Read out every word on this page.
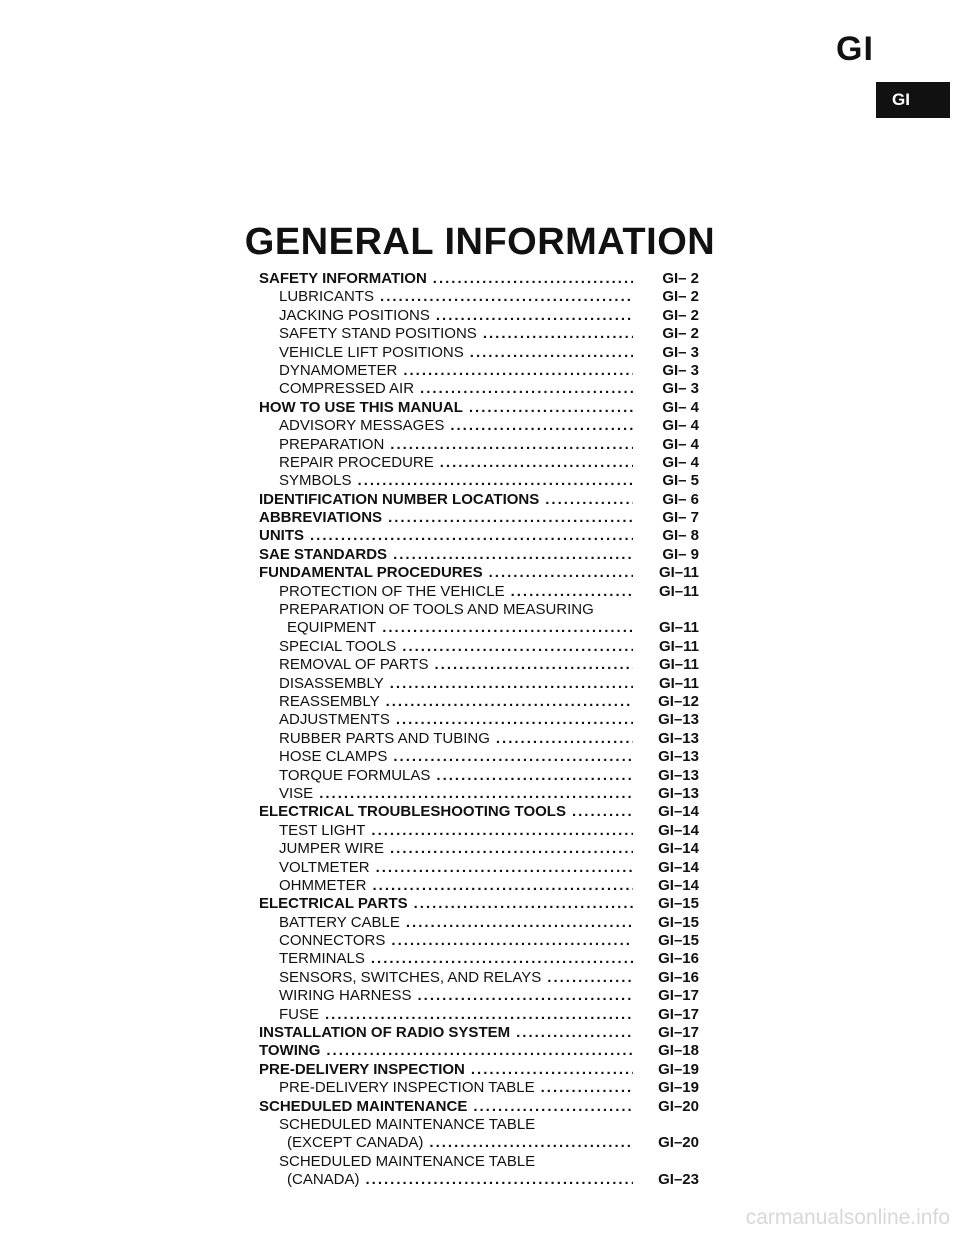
GI
GI
GENERAL INFORMATION
SAFETY INFORMATION .....	GI– 2
LUBRICANTS .....	GI– 2
JACKING POSITIONS .....	GI– 2
SAFETY STAND POSITIONS .....	GI– 2
VEHICLE LIFT POSITIONS .....	GI– 3
DYNAMOMETER .....	GI– 3
COMPRESSED AIR .....	GI– 3
HOW TO USE THIS MANUAL .....	GI– 4
ADVISORY MESSAGES .....	GI– 4
PREPARATION .....	GI– 4
REPAIR PROCEDURE .....	GI– 4
SYMBOLS .....	GI– 5
IDENTIFICATION NUMBER LOCATIONS .....	GI– 6
ABBREVIATIONS .....	GI– 7
UNITS .....	GI– 8
SAE STANDARDS .....	GI– 9
FUNDAMENTAL PROCEDURES .....	GI–11
PROTECTION OF THE VEHICLE .....	GI–11
PREPARATION OF TOOLS AND MEASURING
EQUIPMENT .....	GI–11
SPECIAL TOOLS .....	GI–11
REMOVAL OF PARTS .....	GI–11
DISASSEMBLY .....	GI–11
REASSEMBLY .....	GI–12
ADJUSTMENTS .....	GI–13
RUBBER PARTS AND TUBING .....	GI–13
HOSE CLAMPS .....	GI–13
TORQUE FORMULAS .....	GI–13
VISE .....	GI–13
ELECTRICAL TROUBLESHOOTING TOOLS .....	GI–14
TEST LIGHT .....	GI–14
JUMPER WIRE .....	GI–14
VOLTMETER .....	GI–14
OHMMETER .....	GI–14
ELECTRICAL PARTS .....	GI–15
BATTERY CABLE .....	GI–15
CONNECTORS .....	GI–15
TERMINALS .....	GI–16
SENSORS, SWITCHES, AND RELAYS .....	GI–16
WIRING HARNESS .....	GI–17
FUSE .....	GI–17
INSTALLATION OF RADIO SYSTEM .....	GI–17
TOWING .....	GI–18
PRE-DELIVERY INSPECTION .....	GI–19
PRE-DELIVERY INSPECTION TABLE .....	GI–19
SCHEDULED MAINTENANCE .....	GI–20
SCHEDULED MAINTENANCE TABLE
(EXCEPT CANADA) .....	GI–20
SCHEDULED MAINTENANCE TABLE
(CANADA) .....	GI–23
carmanualsonline.info
